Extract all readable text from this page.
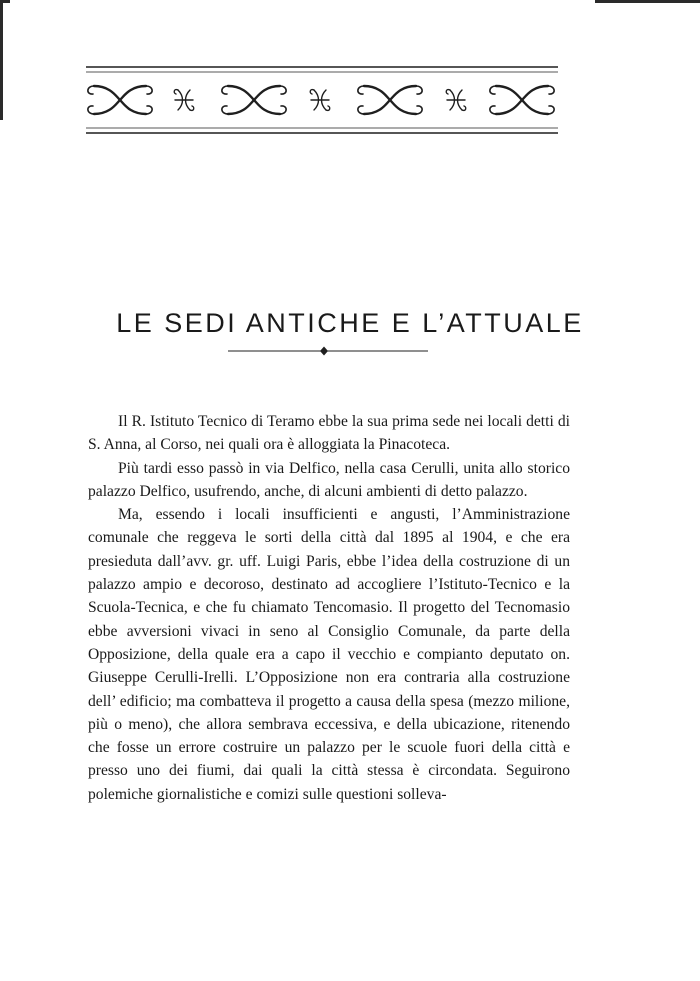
LE SEDI ANTICHE E L’ATTUALE

Il R. Istituto Tecnico di Teramo ebbe la sua prima sede nei locali detti di S. Anna, al Corso, nei quali ora è alloggiata la Pinacoteca.

Più tardi esso passò in via Delfico, nella casa Cerulli, unita allo storico palazzo Delfico, usufrendo, anche, di alcuni ambienti di detto palazzo.

Ma, essendo i locali insufficienti e angusti, l’Amministrazione comunale che reggeva le sorti della città dal 1895 al 1904, e che era presieduta dall’avv. gr. uff. Luigi Paris, ebbe l’idea della costruzione di un palazzo ampio e decoroso, destinato ad accogliere l’Istituto-Tecnico e la Scuola-Tecnica, e che fu chiamato Tencomasio. Il progetto del Tecnomasio ebbe avversioni vivaci in seno al Consiglio Comunale, da parte della Opposizione, della quale era a capo il vecchio e compianto deputato on. Giuseppe Cerulli-Irelli. L’Opposizione non era contraria alla costruzione dell’ edificio; ma combatteva il progetto a causa della spesa (mezzo milione, più o meno), che allora sembrava eccessiva, e della ubicazione, ritenendo che fosse un errore costruire un palazzo per le scuole fuori della città e presso uno dei fiumi, dai quali la città stessa è circondata. Seguirono polemiche giornalistiche e comizi sulle questioni solleva-
